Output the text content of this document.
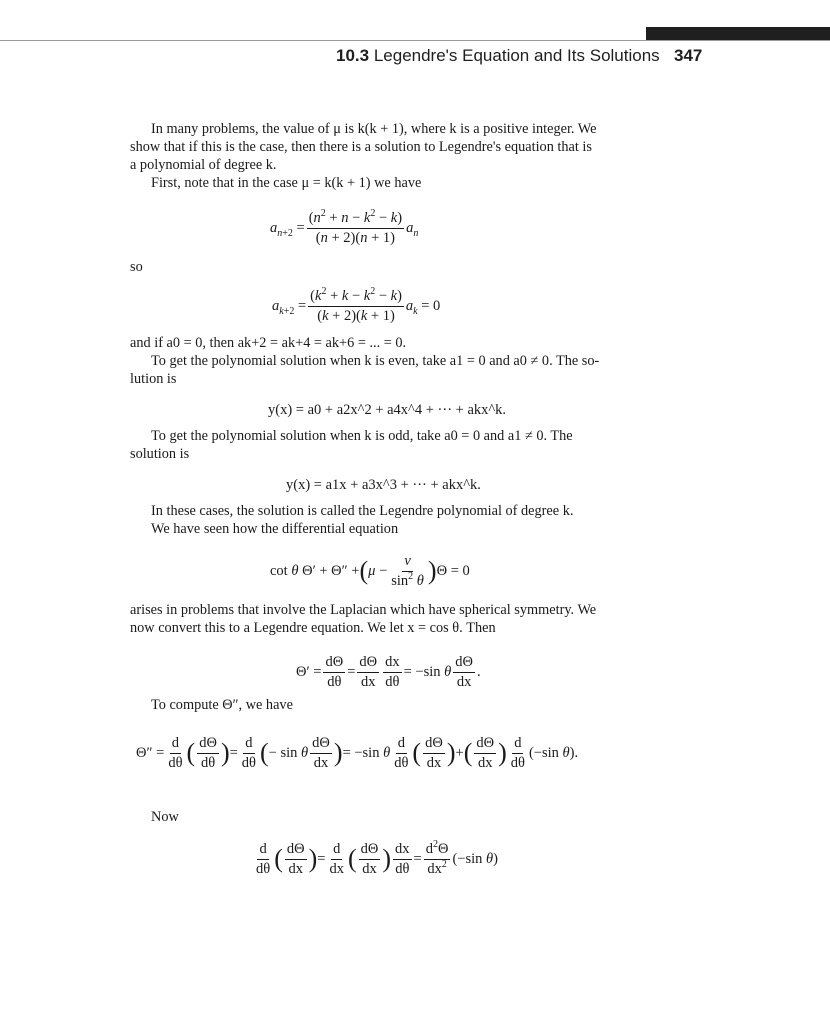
10.3 Legendre's Equation and Its Solutions 347
In many problems, the value of μ is k(k + 1), where k is a positive integer. We
show that if this is the case, then there is a solution to Legendre's equation that is
a polynomial of degree k.
First, note that in the case μ = k(k + 1) we have
$a_{n+2} = \frac{(n^2 + n - k^2 - k)}{(n + 2)(n + 1)} a_n$
so
$a_{k+2} = \frac{(k^2 + k - k^2 - k)}{(k + 2)(k + 1)} a_k = 0$
and if a0 = 0, then ak+2 = ak+4 = ak+6 = ... = 0.
To get the polynomial solution when k is even, take a1 = 0 and a0 ≠ 0. The so-
lution is
y(x) = a0 + a2x^2 + a4x^4 + ··· + akx^k.
To get the polynomial solution when k is odd, take a0 = 0 and a1 ≠ 0. The
solution is
y(x) = a1x + a3x^3 + ··· + akx^k.
In these cases, the solution is called the Legendre polynomial of degree k.
We have seen how the differential equation
cot θ Θ′ + Θ″ + ( $\mu - \frac{\nu}{\sin^2 \theta}$ ) Θ = 0
arises in problems that involve the Laplacian which have spherical symmetry. We
now convert this to a Legendre equation. We let x = cos θ. Then
$\Theta' = \frac{d\Theta}{d\theta} = \frac{d\Theta}{dx} \frac{dx}{d\theta} = -\sin$ θ $\frac{d\Theta}{dx}$ .
To compute Θ″, we have
$\Theta'' = \frac{d}{d\theta}$ ( $\frac{d\Theta}{d\theta}$ ) = $\frac{d}{d\theta}$ ( − sin θ $\frac{d\Theta}{dx}$ ) = −sin θ $\frac{d}{d\theta}$ ( $\frac{d\Theta}{dx}$ ) + ( $\frac{d\Theta}{dx}$ ) $\frac{d}{d\theta} (-\sin$ θ).
Now
$\frac{d}{d\theta}$ ( $\frac{d\Theta}{dx}$ ) = $\frac{d}{dx}$ ( $\frac{d\Theta}{dx}$ ) $\frac{dx}{d\theta} = \frac{d^2\Theta}{dx^2} (-\sin$ θ)
